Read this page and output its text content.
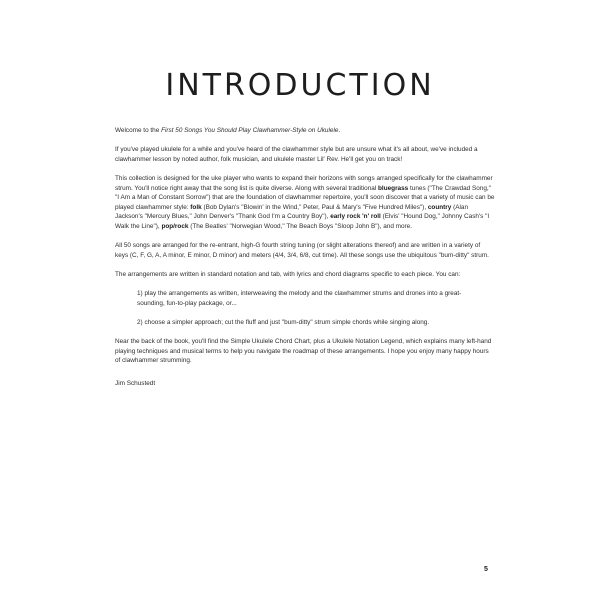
INTRODUCTION

Welcome to the First 50 Songs You Should Play Clawhammer-Style on Ukulele.

If you've played ukulele for a while and you've heard of the clawhammer style but are unsure what it's all about, we've included a clawhammer lesson by noted author, folk musician, and ukulele master Lil' Rev. He'll get you on track!

This collection is designed for the uke player who wants to expand their horizons with songs arranged specifically for the clawhammer strum. You'll notice right away that the song list is quite diverse. Along with several traditional bluegrass tunes ("The Crawdad Song," "I Am a Man of Constant Sorrow") that are the foundation of clawhammer repertoire, you'll soon discover that a variety of music can be played clawhammer style: folk (Bob Dylan's "Blowin' in the Wind," Peter, Paul & Mary's "Five Hundred Miles"), country (Alan Jackson's "Mercury Blues," John Denver's "Thank God I'm a Country Boy"), early rock 'n' roll (Elvis' "Hound Dog," Johnny Cash's "I Walk the Line"), pop/rock (The Beatles' "Norwegian Wood," The Beach Boys "Sloop John B"), and more.

All 50 songs are arranged for the re-entrant, high-G fourth string tuning (or slight alterations thereof) and are written in a variety of keys (C, F, G, A, A minor, E minor, D minor) and meters (4/4, 3/4, 6/8, cut time). All these songs use the ubiquitous "bum-ditty" strum.

The arrangements are written in standard notation and tab, with lyrics and chord diagrams specific to each piece. You can:

1) play the arrangements as written, interweaving the melody and the clawhammer strums and drones into a great-sounding, fun-to-play package, or...

2) choose a simpler approach; cut the fluff and just "bum-ditty" strum simple chords while singing along.

Near the back of the book, you'll find the Simple Ukulele Chord Chart, plus a Ukulele Notation Legend, which explains many left-hand playing techniques and musical terms to help you navigate the roadmap of these arrangements. I hope you enjoy many happy hours of clawhammer strumming.

Jim Schustedt

5
